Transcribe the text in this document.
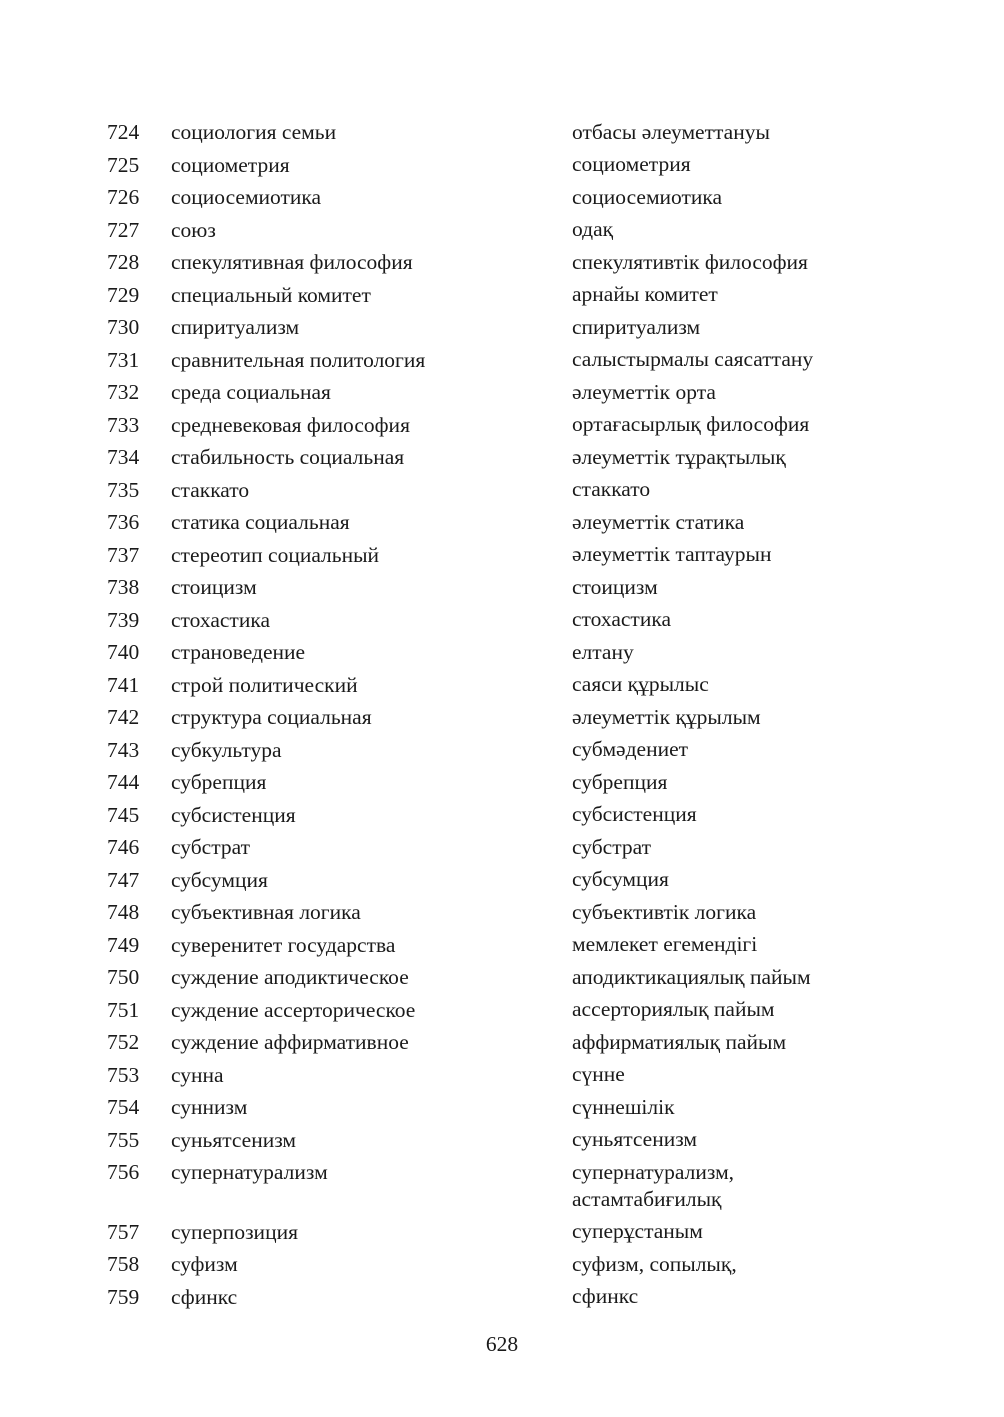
724	социология семьи	отбасы әлеуметтануы
725	социометрия	социометрия
726	социосемиотика	социосемиотика
727	союз	одақ
728	спекулятивная философия	спекулятивтік философия
729	специальный комитет	арнайы комитет
730	спиритуализм	спиритуализм
731	сравнительная политология	салыстырмалы саясаттану
732	среда социальная	әлеуметтік орта
733	средневековая философия	ортағасырлық философия
734	стабильность социальная	әлеуметтік тұрақтылық
735	стаккато	стаккато
736	статика социальная	әлеуметтік статика
737	стереотип социальный	әлеуметтік таптаурын
738	стоицизм	стоицизм
739	стохастика	стохастика
740	страноведение	елтану
741	строй политический	саяси құрылыс
742	структура социальная	әлеуметтік құрылым
743	субкультура	субмәдениет
744	субрепция	субрепция
745	субсистенция	субсистенция
746	субстрат	субстрат
747	субсумция	субсумция
748	субъективная логика	субъективтік логика
749	суверенитет государства	мемлекет егемендігі
750	суждение аподиктическое	аподиктикациялық пайым
751	суждение ассерторическое	ассерториялық пайым
752	суждение аффирмативное	аффирматиялық пайым
753	сунна	сүнне
754	суннизм	сүннешілік
755	суньятсенизм	суньятсенизм
756	супернатурализм	супернатурализм,
астамтабиғилық
757	суперпозиция	суперұстаным
758	суфизм	суфизм, сопылық,
759	сфинкс	сфинкс
628
